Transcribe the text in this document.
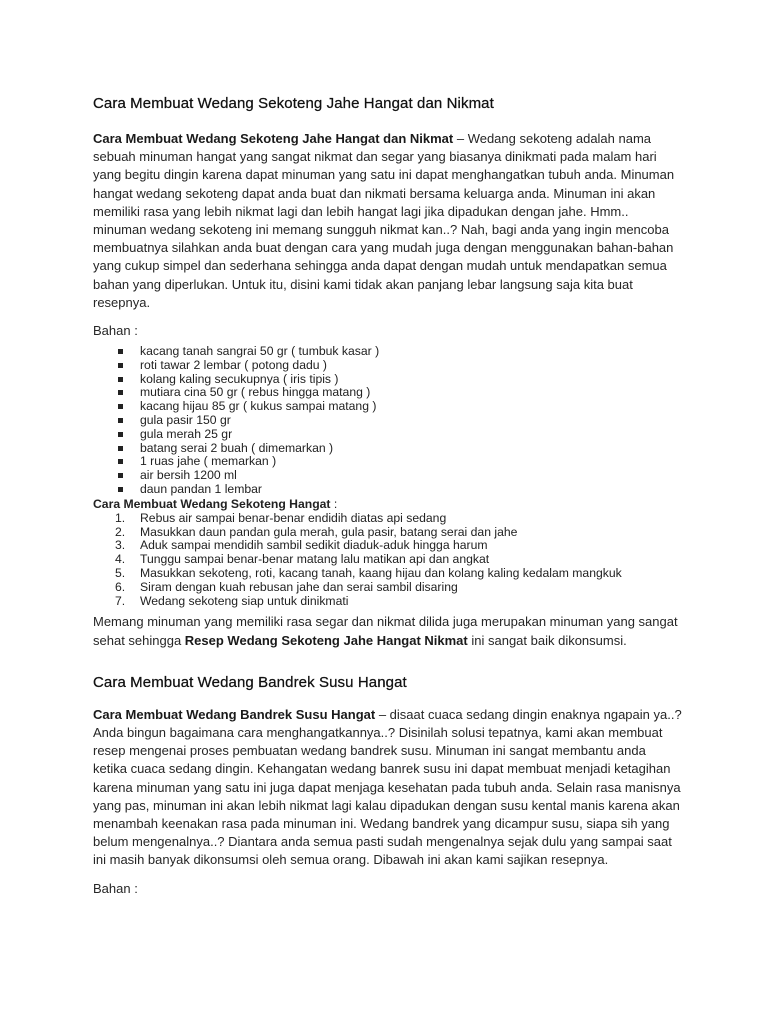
Cara Membuat Wedang Sekoteng Jahe Hangat dan Nikmat

Cara Membuat Wedang Sekoteng Jahe Hangat dan Nikmat – Wedang sekoteng adalah nama sebuah minuman hangat yang sangat nikmat dan segar yang biasanya dinikmati pada malam hari yang begitu dingin karena dapat minuman yang satu ini dapat menghangatkan tubuh anda. Minuman hangat wedang sekoteng dapat anda buat dan nikmati bersama keluarga anda. Minuman ini akan memiliki rasa yang lebih nikmat lagi dan lebih hangat lagi jika dipadukan dengan jahe. Hmm.. minuman wedang sekoteng ini memang sungguh nikmat kan..? Nah, bagi anda yang ingin mencoba membuatnya silahkan anda buat dengan cara yang mudah juga dengan menggunakan bahan-bahan yang cukup simpel dan sederhana sehingga anda dapat dengan mudah untuk mendapatkan semua bahan yang diperlukan. Untuk itu, disini kami tidak akan panjang lebar langsung saja kita buat resepnya.

Bahan :

kacang tanah sangrai 50 gr ( tumbuk kasar )
roti tawar 2 lembar ( potong dadu )
kolang kaling secukupnya ( iris tipis )
mutiara cina 50 gr ( rebus hingga matang )
kacang hijau 85 gr ( kukus sampai matang )
gula pasir 150 gr
gula merah 25 gr
batang serai 2 buah ( dimemarkan )
1 ruas jahe ( memarkan )
air bersih 1200 ml
daun pandan 1 lembar

Cara Membuat Wedang Sekoteng Hangat :

1. Rebus air sampai benar-benar endidih diatas api sedang
2. Masukkan daun pandan gula merah, gula pasir, batang serai dan jahe
3. Aduk sampai mendidih sambil sedikit diaduk-aduk hingga harum
4. Tunggu sampai benar-benar matang lalu matikan api dan angkat
5. Masukkan sekoteng, roti, kacang tanah, kaang hijau dan kolang kaling kedalam mangkuk
6. Siram dengan kuah rebusan jahe dan serai sambil disaring
7. Wedang sekoteng siap untuk dinikmati

Memang minuman yang memiliki rasa segar dan nikmat dilida juga merupakan minuman yang sangat sehat sehingga Resep Wedang Sekoteng Jahe Hangat Nikmat ini sangat baik dikonsumsi.

Cara Membuat Wedang Bandrek Susu Hangat

Cara Membuat Wedang Bandrek Susu Hangat – disaat cuaca sedang dingin enaknya ngapain ya..? Anda bingun bagaimana cara menghangatkannya..? Disinilah solusi tepatnya, kami akan membuat resep mengenai proses pembuatan wedang bandrek susu. Minuman ini sangat membantu anda ketika cuaca sedang dingin. Kehangatan wedang banrek susu ini dapat membuat menjadi ketagihan karena minuman yang satu ini juga dapat menjaga kesehatan pada tubuh anda. Selain rasa manisnya yang pas, minuman ini akan lebih nikmat lagi kalau dipadukan dengan susu kental manis karena akan menambah keenakan rasa pada minuman ini. Wedang bandrek yang dicampur susu, siapa sih yang belum mengenalnya..? Diantara anda semua pasti sudah mengenalnya sejak dulu yang sampai saat ini masih banyak dikonsumsi oleh semua orang. Dibawah ini akan kami sajikan resepnya.

Bahan :
